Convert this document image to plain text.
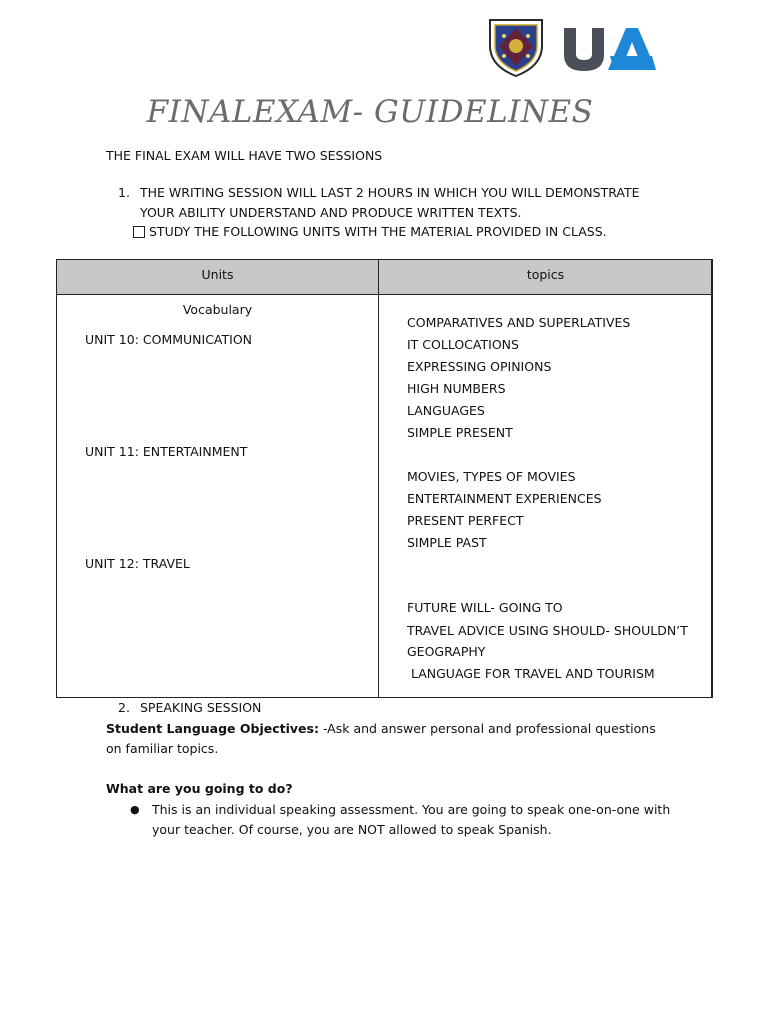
FINALEXAM- GUIDELINES
THE FINAL EXAM WILL HAVE TWO SESSIONS
1. THE WRITING SESSION WILL LAST 2 HOURS IN WHICH YOU WILL DEMONSTRATE YOUR ABILITY UNDERSTAND AND PRODUCE WRITTEN TEXTS.
STUDY THE FOLLOWING UNITS WITH THE MATERIAL PROVIDED IN CLASS.
Units	topics
Vocabulary
UNIT 10: COMMUNICATION
UNIT 11: ENTERTAINMENT
UNIT 12: TRAVEL
COMPARATIVES AND SUPERLATIVES
IT COLLOCATIONS
EXPRESSING OPINIONS
HIGH NUMBERS
LANGUAGES
SIMPLE PRESENT
MOVIES, TYPES OF MOVIES
ENTERTAINMENT EXPERIENCES
PRESENT PERFECT
SIMPLE PAST
FUTURE WILL- GOING TO
TRAVEL ADVICE USING SHOULD- SHOULDN’T
GEOGRAPHY
LANGUAGE FOR TRAVEL AND TOURISM
2. SPEAKING SESSION
Student Language Objectives: -Ask and answer personal and professional questions on familiar topics.
What are you going to do?
● This is an individual speaking assessment. You are going to speak one-on-one with your teacher. Of course, you are NOT allowed to speak Spanish.
